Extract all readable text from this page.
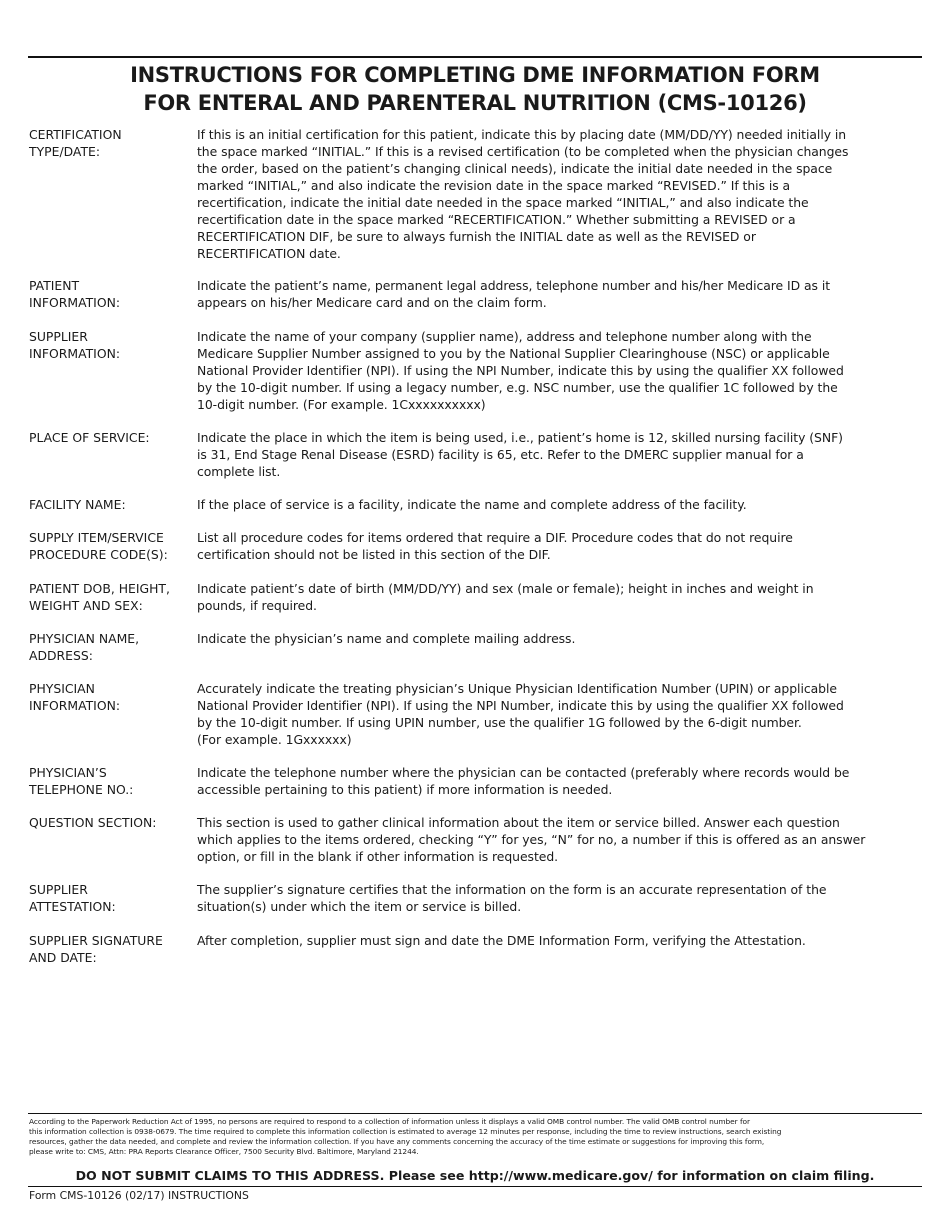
INSTRUCTIONS FOR COMPLETING DME INFORMATION FORM
FOR ENTERAL AND PARENTERAL NUTRITION (CMS-10126)
CERTIFICATION
TYPE/DATE:
If this is an initial certification for this patient, indicate this by placing date (MM/DD/YY) needed initially in
the space marked “INITIAL.” If this is a revised certification (to be completed when the physician changes
the order, based on the patient’s changing clinical needs), indicate the initial date needed in the space
marked “INITIAL,” and also indicate the revision date in the space marked “REVISED.” If this is a
recertification, indicate the initial date needed in the space marked “INITIAL,” and also indicate the
recertification date in the space marked “RECERTIFICATION.” Whether submitting a REVISED or a
RECERTIFICATION DIF, be sure to always furnish the INITIAL date as well as the REVISED or
RECERTIFICATION date.
PATIENT
INFORMATION:
Indicate the patient’s name, permanent legal address, telephone number and his/her Medicare ID as it
appears on his/her Medicare card and on the claim form.
SUPPLIER
INFORMATION:
Indicate the name of your company (supplier name), address and telephone number along with the
Medicare Supplier Number assigned to you by the National Supplier Clearinghouse (NSC) or applicable
National Provider Identifier (NPI). If using the NPI Number, indicate this by using the qualifier XX followed
by the 10-digit number. If using a legacy number, e.g. NSC number, use the qualifier 1C followed by the
10-digit number. (For example. 1Cxxxxxxxxxx)
PLACE OF SERVICE:	Indicate the place in which the item is being used, i.e., patient’s home is 12, skilled nursing facility (SNF)
is 31, End Stage Renal Disease (ESRD) facility is 65, etc. Refer to the DMERC supplier manual for a
complete list.
FACILITY NAME:	If the place of service is a facility, indicate the name and complete address of the facility.
SUPPLY ITEM/SERVICE
PROCEDURE CODE(S):
List all procedure codes for items ordered that require a DIF. Procedure codes that do not require
certification should not be listed in this section of the DIF.
PATIENT DOB, HEIGHT,
WEIGHT AND SEX:
Indicate patient’s date of birth (MM/DD/YY) and sex (male or female); height in inches and weight in
pounds, if required.
PHYSICIAN NAME,
ADDRESS:
Indicate the physician’s name and complete mailing address.
PHYSICIAN
INFORMATION:
Accurately indicate the treating physician’s Unique Physician Identification Number (UPIN) or applicable
National Provider Identifier (NPI). If using the NPI Number, indicate this by using the qualifier XX followed
by the 10-digit number. If using UPIN number, use the qualifier 1G followed by the 6-digit number.
(For example. 1Gxxxxxx)
PHYSICIAN’S
TELEPHONE NO.:
Indicate the telephone number where the physician can be contacted (preferably where records would be
accessible pertaining to this patient) if more information is needed.
QUESTION SECTION:	This section is used to gather clinical information about the item or service billed. Answer each question
which applies to the items ordered, checking “Y” for yes, “N” for no, a number if this is offered as an answer
option, or fill in the blank if other information is requested.
SUPPLIER
ATTESTATION:
The supplier’s signature certifies that the information on the form is an accurate representation of the
situation(s) under which the item or service is billed.
SUPPLIER SIGNATURE
AND DATE:
After completion, supplier must sign and date the DME Information Form, verifying the Attestation.
According to the Paperwork Reduction Act of 1995, no persons are required to respond to a collection of information unless it displays a valid OMB control number. The valid OMB control number for
this information collection is 0938-0679. The time required to complete this information collection is estimated to average 12 minutes per response, including the time to review instructions, search existing
resources, gather the data needed, and complete and review the information collection. If you have any comments concerning the accuracy of the time estimate or suggestions for improving this form,
please write to: CMS, Attn: PRA Reports Clearance Officer, 7500 Security Blvd. Baltimore, Maryland 21244.
DO NOT SUBMIT CLAIMS TO THIS ADDRESS. Please see http://www.medicare.gov/ for information on claim filing.
Form CMS-10126 (02/17) INSTRUCTIONS
